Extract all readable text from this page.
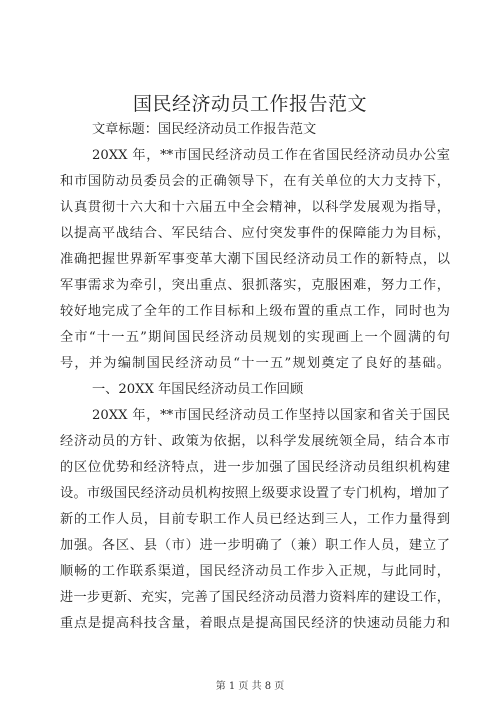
国民经济动员工作报告范文
文章标题：国民经济动员工作报告范文
20XX 年，**市国民经济动员工作在省国民经济动员办公室
和市国防动员委员会的正确领导下，在有关单位的大力支持下，
认真贯彻十六大和十六届五中全会精神，以科学发展观为指导，
以提高平战结合、军民结合、应付突发事件的保障能力为目标，
准确把握世界新军事变革大潮下国民经济动员工作的新特点，以
军事需求为牵引，突出重点、狠抓落实，克服困难，努力工作，
较好地完成了全年的工作目标和上级布置的重点工作，同时也为
全市“十一五”期间国民经济动员规划的实现画上一个圆满的句
号，并为编制国民经济动员“十一五”规划奠定了良好的基础。
一、20XX 年国民经济动员工作回顾
20XX 年，**市国民经济动员工作坚持以国家和省关于国民
经济动员的方针、政策为依据，以科学发展统领全局，结合本市
的区位优势和经济特点，进一步加强了国民经济动员组织机构建
设。市级国民经济动员机构按照上级要求设置了专门机构，增加了
新的工作人员，目前专职工作人员已经达到三人，工作力量得到
加强。各区、县（市）进一步明确了（兼）职工作人员，建立了
顺畅的工作联系渠道，国民经济动员工作步入正规，与此同时，
进一步更新、充实，完善了国民经济动员潜力资料库的建设工作，
重点是提高科技含量，着眼点是提高国民经济的快速动员能力和
第 1 页 共 8 页
